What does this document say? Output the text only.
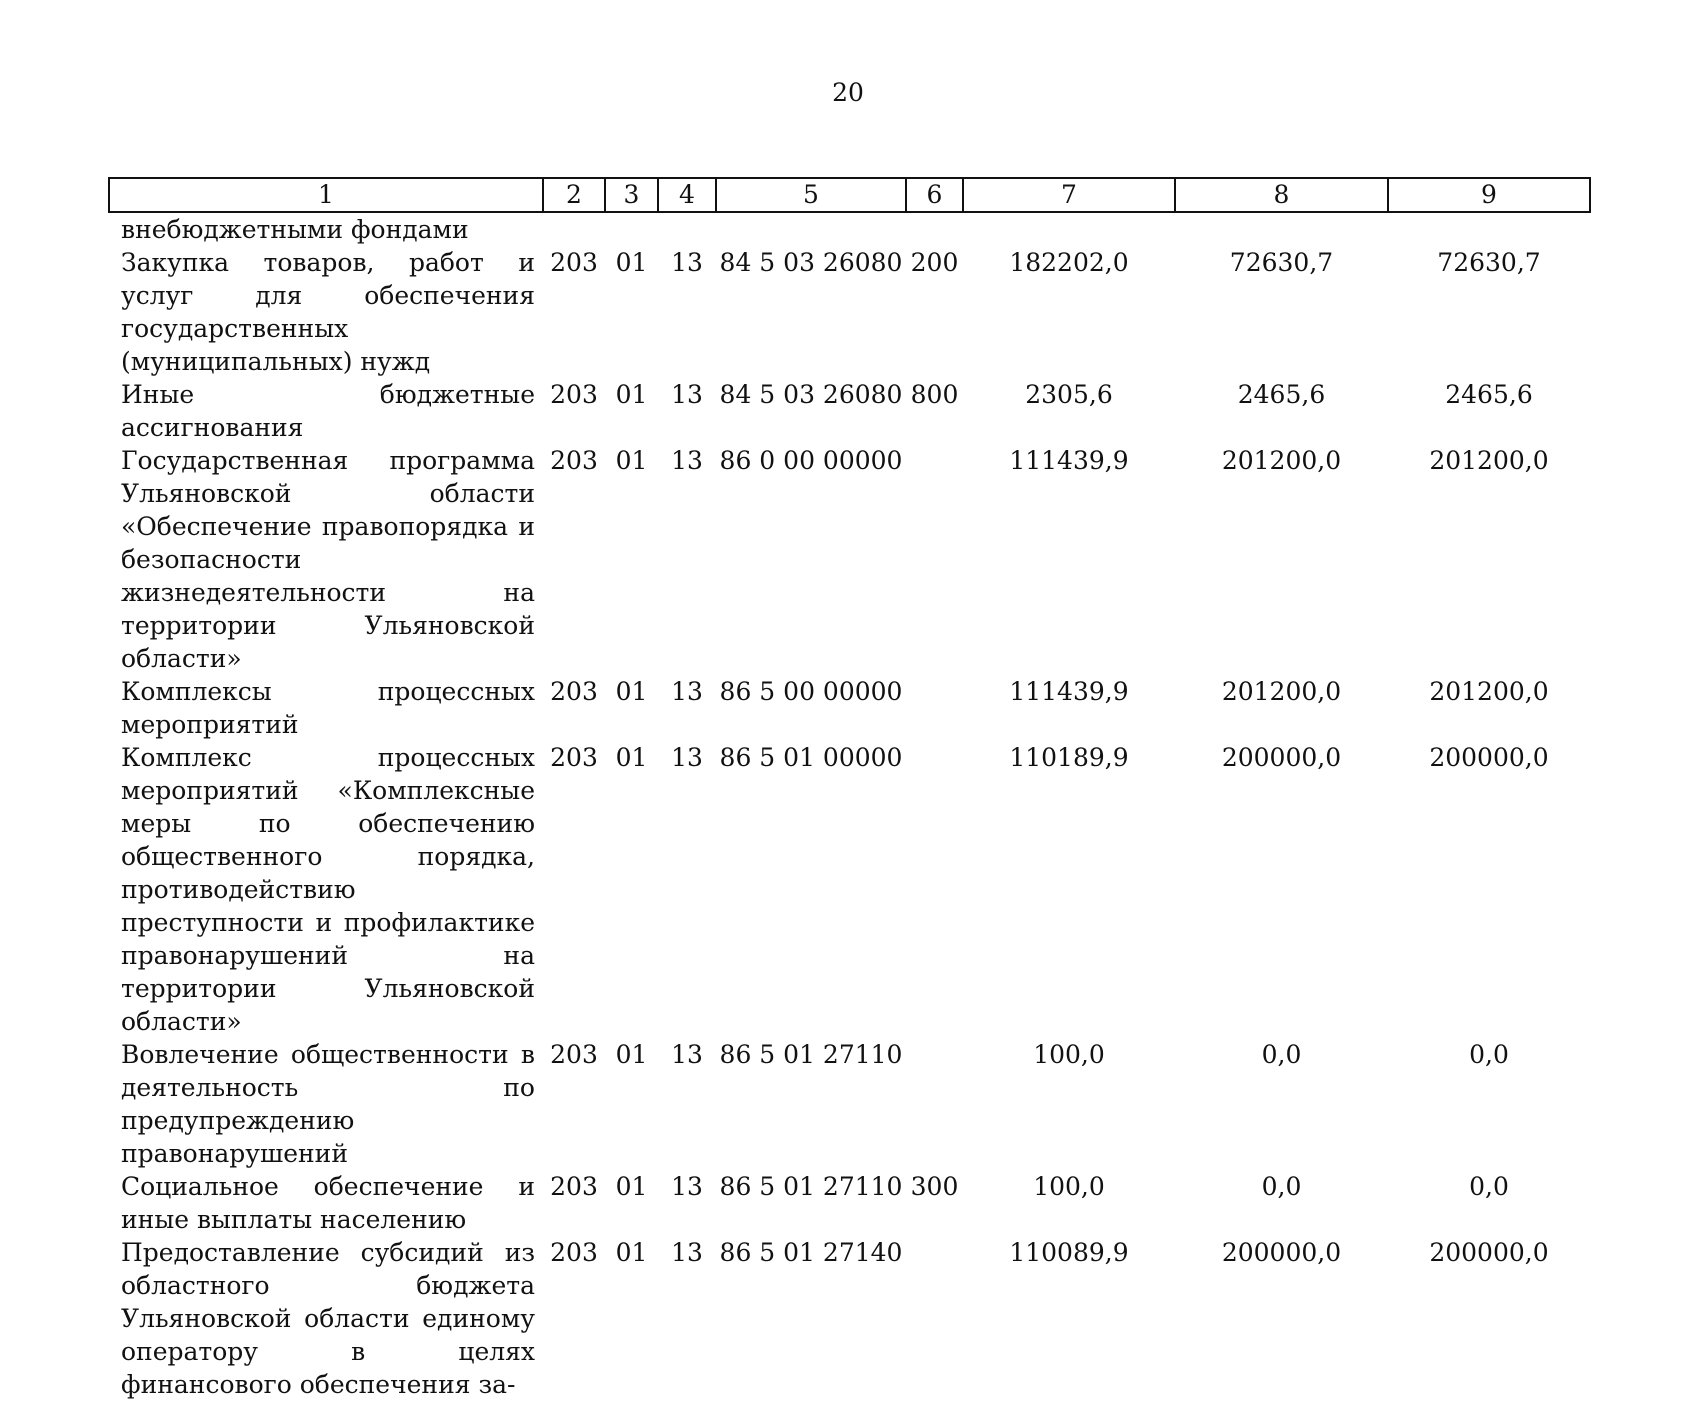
20
1	2	3	4	5	6	7	8	9
внебюджетными фондами								
Закупка товаров, работ и услуг для обеспечения государственных (муниципальных) нужд	203	01	13	84 5 03 26080	200	182202,0	72630,7	72630,7
Иные бюджетные ассигнования	203	01	13	84 5 03 26080	800	2305,6	2465,6	2465,6
Государственная программа Ульяновской области «Обеспечение правопорядка и безопасности жизнедеятельности на территории Ульяновской области»	203	01	13	86 0 00 00000		111439,9	201200,0	201200,0
Комплексы процессных мероприятий	203	01	13	86 5 00 00000		111439,9	201200,0	201200,0
Комплекс процессных мероприятий «Комплексные меры по обеспечению общественного порядка, противодействию преступности и профилактике правонарушений на территории Ульяновской области»	203	01	13	86 5 01 00000		110189,9	200000,0	200000,0
Вовлечение общественности в деятельность по предупреждению правонарушений	203	01	13	86 5 01 27110		100,0	0,0	0,0
Социальное обеспечение и иные выплаты населению	203	01	13	86 5 01 27110	300	100,0	0,0	0,0
Предоставление субсидий из областного бюджета Ульяновской области единому оператору в целях финансового обеспечения за-	203	01	13	86 5 01 27140		110089,9	200000,0	200000,0
